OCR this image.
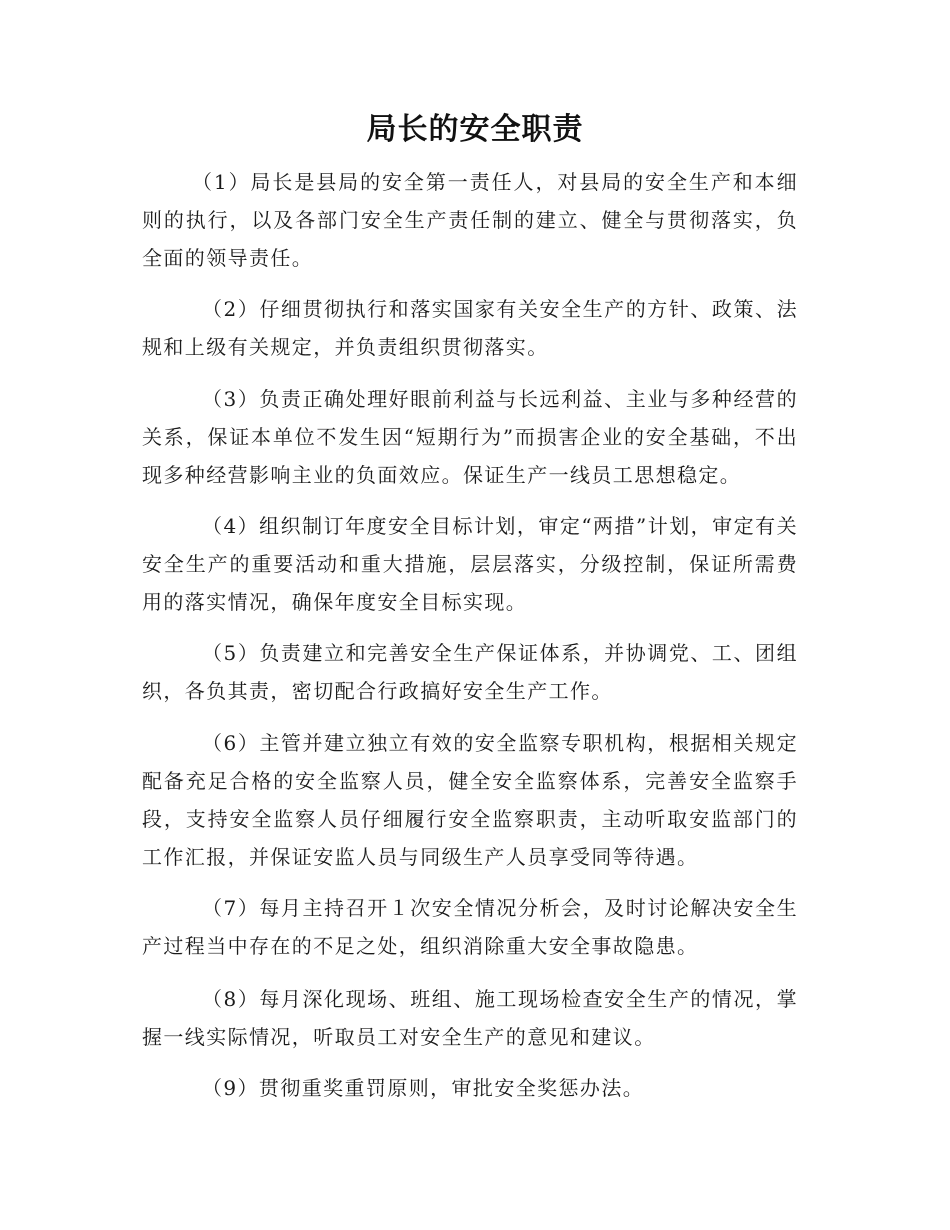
局长的安全职责

（1）局长是县局的安全第一责任人，对县局的安全生产和本细则的执行，以及各部门安全生产责任制的建立、健全与贯彻落实，负全面的领导责任。

（2）仔细贯彻执行和落实国家有关安全生产的方针、政策、法规和上级有关规定，并负责组织贯彻落实。

（3）负责正确处理好眼前利益与长远利益、主业与多种经营的关系，保证本单位不发生因“短期行为”而损害企业的安全基础，不出现多种经营影响主业的负面效应。保证生产一线员工思想稳定。

（4）组织制订年度安全目标计划，审定“两措”计划，审定有关安全生产的重要活动和重大措施，层层落实，分级控制，保证所需费用的落实情况，确保年度安全目标实现。

（5）负责建立和完善安全生产保证体系，并协调党、工、团组织，各负其责，密切配合行政搞好安全生产工作。

（6）主管并建立独立有效的安全监察专职机构，根据相关规定配备充足合格的安全监察人员，健全安全监察体系，完善安全监察手段，支持安全监察人员仔细履行安全监察职责，主动听取安监部门的工作汇报，并保证安监人员与同级生产人员享受同等待遇。

（7）每月主持召开１次安全情况分析会，及时讨论解决安全生产过程当中存在的不足之处，组织消除重大安全事故隐患。

（8）每月深化现场、班组、施工现场检查安全生产的情况，掌握一线实际情况，听取员工对安全生产的意见和建议。

（9）贯彻重奖重罚原则，审批安全奖惩办法。
